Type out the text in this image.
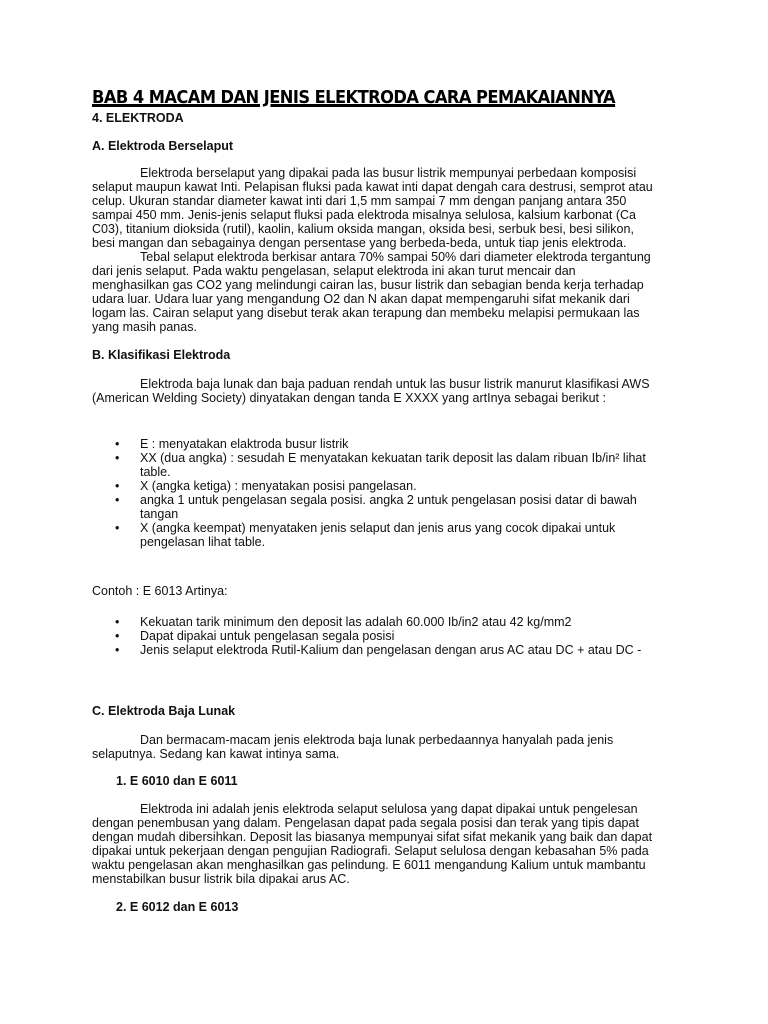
BAB 4 MACAM DAN JENIS ELEKTRODA CARA PEMAKAIANNYA
4. ELEKTRODA
A. Elektroda Berselaput

Elektroda berselaput yang dipakai pada las busur listrik mempunyai perbedaan komposisi
selaput maupun kawat Inti. Pelapisan fluksi pada kawat inti dapat dengah cara destrusi, semprot atau
celup. Ukuran standar diameter kawat inti dari 1,5 mm sampai 7 mm dengan panjang antara 350
sampai 450 mm. Jenis-jenis selaput fluksi pada elektroda misalnya selulosa, kalsium karbonat (Ca
C03), titanium dioksida (rutil), kaolin, kalium oksida mangan, oksida besi, serbuk besi, besi silikon,
besi mangan dan sebagainya dengan persentase yang berbeda-beda, untuk tiap jenis elektroda.

Tebal selaput elektroda berkisar antara 70% sampai 50% dari diameter elektroda tergantung
dari jenis selaput. Pada waktu pengelasan, selaput elektroda ini akan turut mencair dan
menghasilkan gas CO2 yang melindungi cairan las, busur listrik dan sebagian benda kerja terhadap
udara luar. Udara luar yang mengandung O2 dan N akan dapat mempengaruhi sifat mekanik dari
logam las. Cairan selaput yang disebut terak akan terapung dan membeku melapisi permukaan las
yang masih panas.

B. Klasifikasi Elektroda

Elektroda baja lunak dan baja paduan rendah untuk las busur listrik manurut klasifikasi AWS
(American Welding Society) dinyatakan dengan tanda E XXXX yang artInya sebagai berikut :

• E : menyatakan elaktroda busur listrik
• XX (dua angka) : sesudah E menyatakan kekuatan tarik deposit las dalam ribuan Ib/in² lihat
table.
• X (angka ketiga) : menyatakan posisi pangelasan.
• angka 1 untuk pengelasan segala posisi. angka 2 untuk pengelasan posisi datar di bawah
tangan
• X (angka keempat) menyataken jenis selaput dan jenis arus yang cocok dipakai untuk
pengelasan lihat table.
Contoh : E 6013 Artinya:
• Kekuatan tarik minimum den deposit las adalah 60.000 Ib/in2 atau 42 kg/mm2
• Dapat dipakai untuk pengelasan segala posisi
• Jenis selaput elektroda Rutil-Kalium dan pengelasan dengan arus AC atau DC + atau DC -
C. Elektroda Baja Lunak

Dan bermacam-macam jenis elektroda baja lunak perbedaannya hanyalah pada jenis
selaputnya. Sedang kan kawat intinya sama.

1. E 6010 dan E 6011

Elektroda ini adalah jenis elektroda selaput selulosa yang dapat dipakai untuk pengelesan
dengan penembusan yang dalam. Pengelasan dapat pada segala posisi dan terak yang tipis dapat
dengan mudah dibersihkan. Deposit las biasanya mempunyai sifat sifat mekanik yang baik dan dapat
dipakai untuk pekerjaan dengan pengujian Radiografi. Selaput selulosa dengan kebasahan 5% pada
waktu pengelasan akan menghasilkan gas pelindung. E 6011 mengandung Kalium untuk mambantu
menstabilkan busur listrik bila dipakai arus AC.

2. E 6012 dan E 6013
